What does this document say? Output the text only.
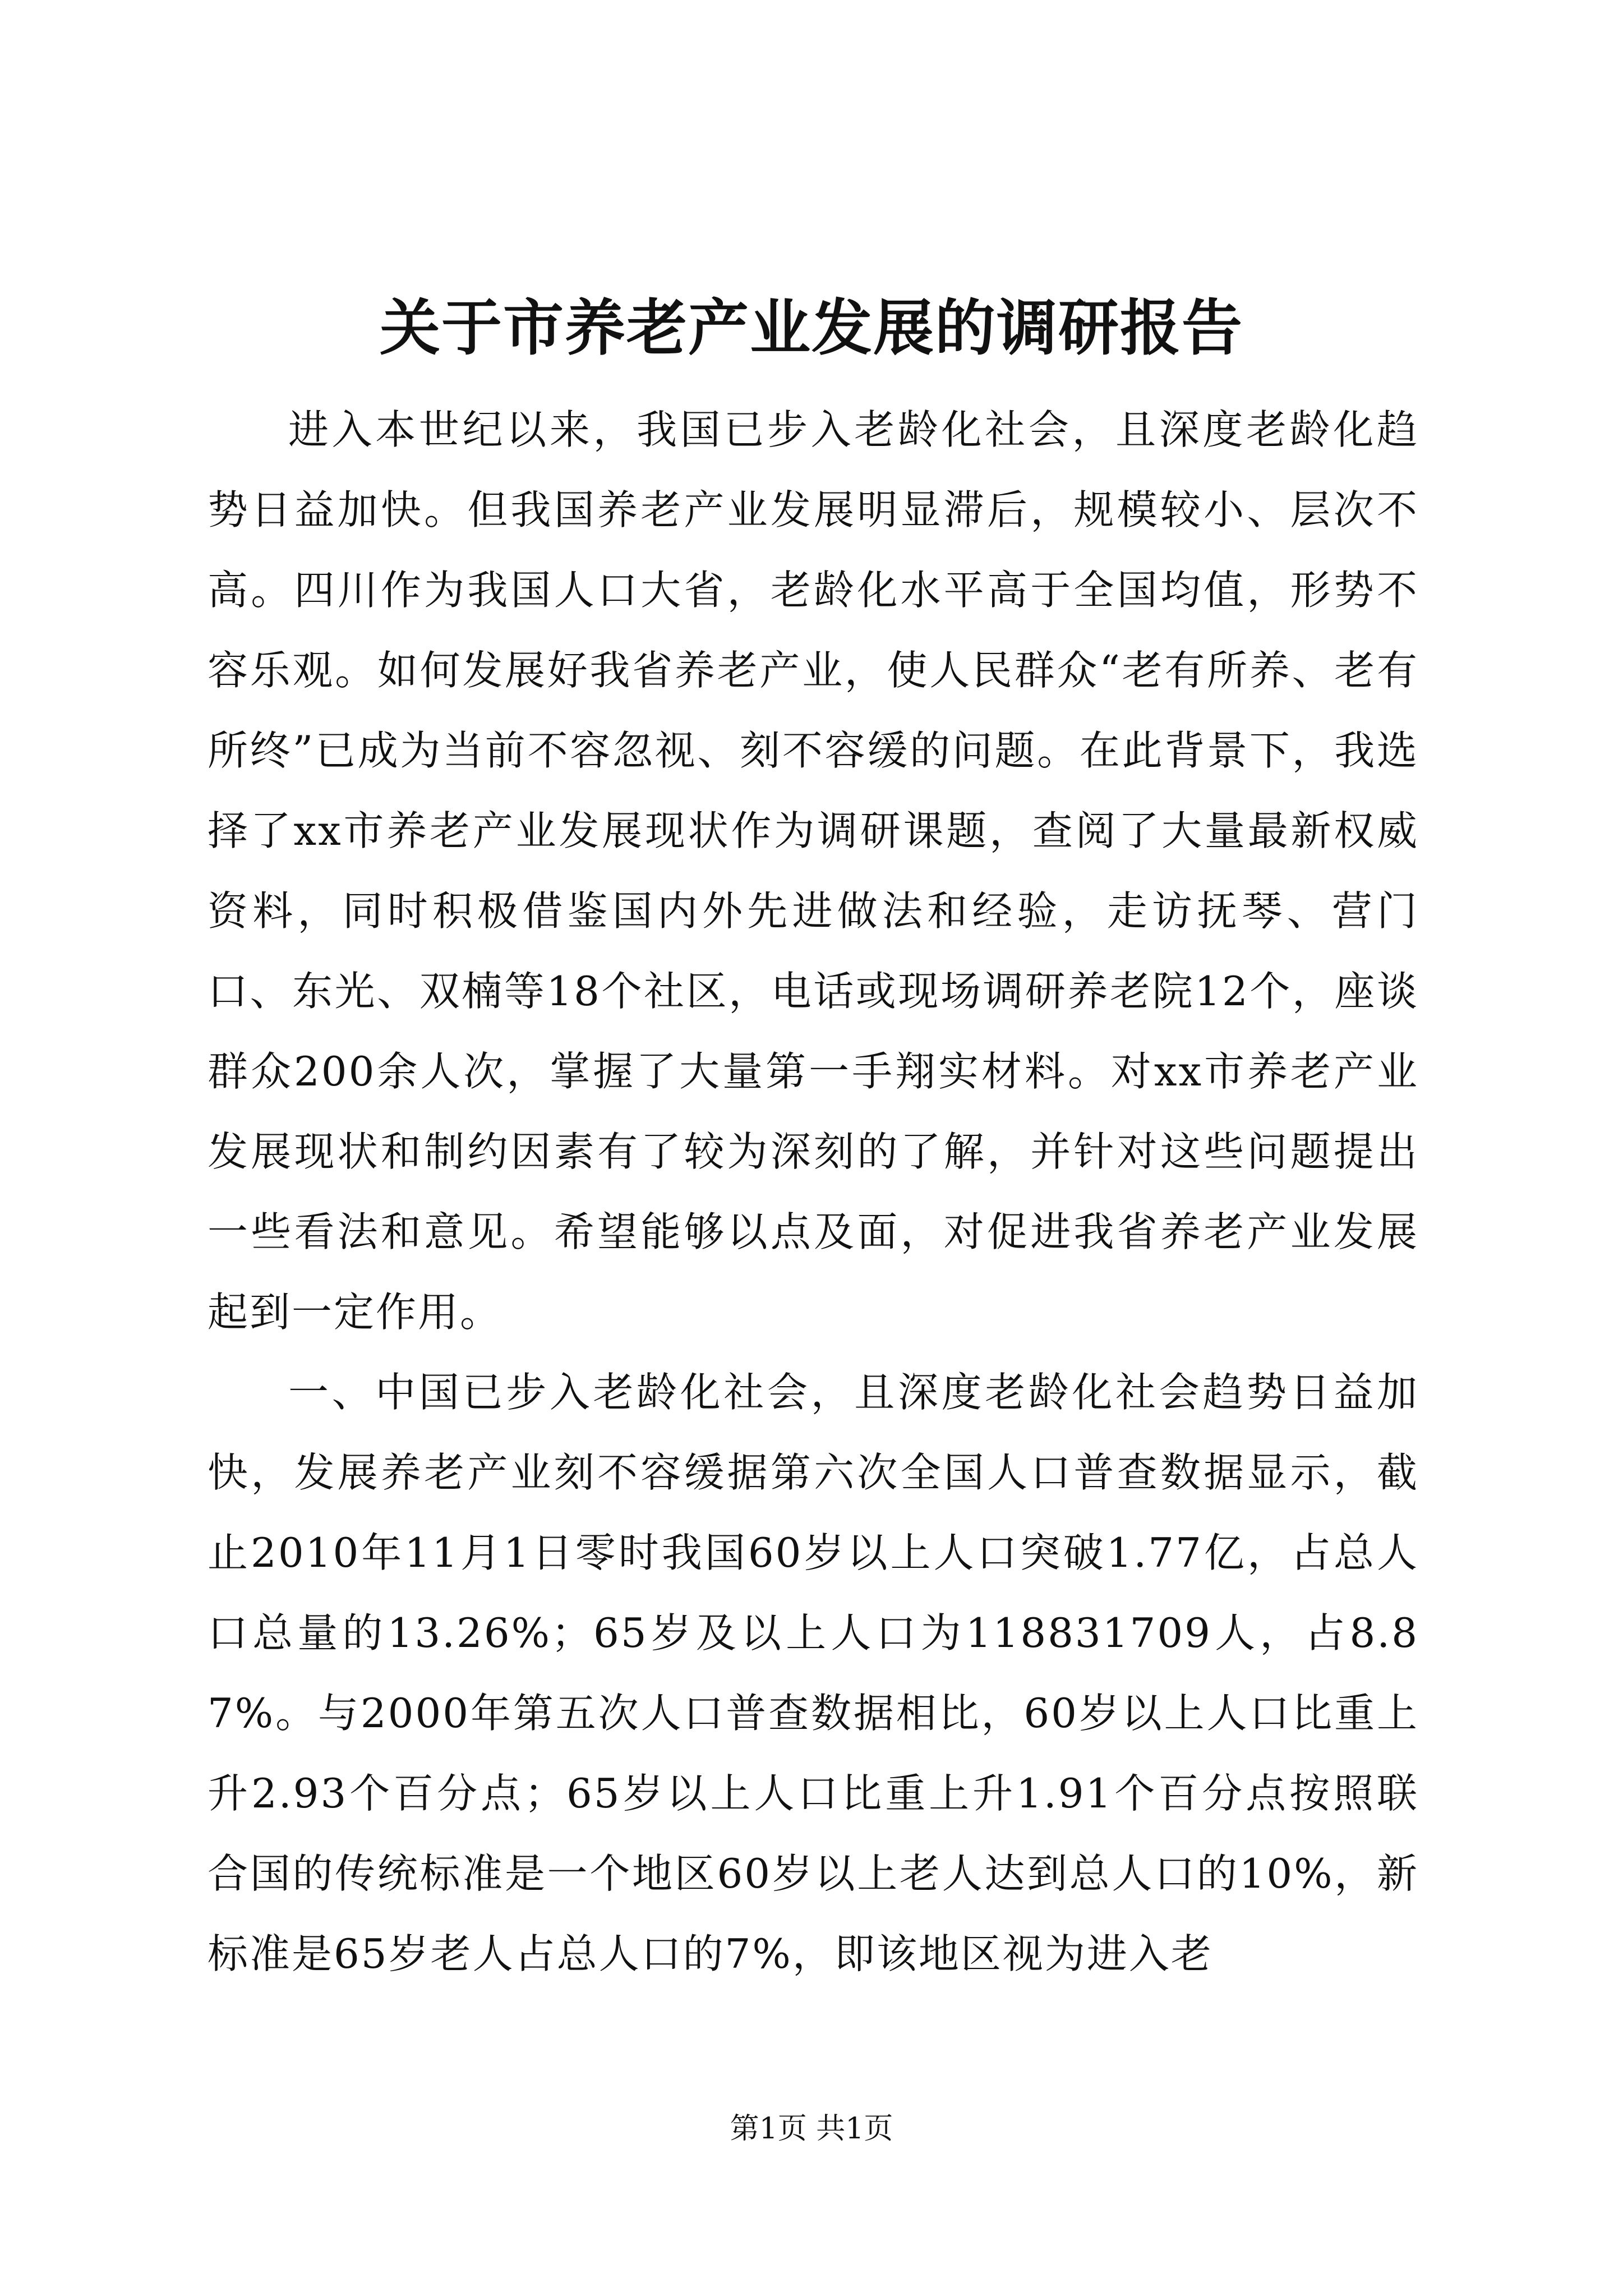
关于市养老产业发展的调研报告

进入本世纪以来，我国已步入老龄化社会，且深度老龄化趋势日益加快。但我国养老产业发展明显滞后，规模较小、层次不高。四川作为我国人口大省，老龄化水平高于全国均值，形势不容乐观。如何发展好我省养老产业，使人民群众“老有所养、老有所终”已成为当前不容忽视、刻不容缓的问题。在此背景下，我选择了xx市养老产业发展现状作为调研课题，查阅了大量最新权威资料，同时积极借鉴国内外先进做法和经验，走访抚琴、营门口、东光、双楠等18个社区，电话或现场调研养老院12个，座谈群众200余人次，掌握了大量第一手翔实材料。对xx市养老产业发展现状和制约因素有了较为深刻的了解，并针对这些问题提出一些看法和意见。希望能够以点及面，对促进我省养老产业发展起到一定作用。

一、中国已步入老龄化社会，且深度老龄化社会趋势日益加快，发展养老产业刻不容缓据第六次全国人口普查数据显示，截止2010年11月1日零时我国60岁以上人口突破1.77亿，占总人口总量的13.26%；65岁及以上人口为118831709人，占8.87%。与2000年第五次人口普查数据相比，60岁以上人口比重上升2.93个百分点；65岁以上人口比重上升1.91个百分点按照联合国的传统标准是一个地区60岁以上老人达到总人口的10%，新标准是65岁老人占总人口的7%，即该地区视为进入老

第1页 共1页
